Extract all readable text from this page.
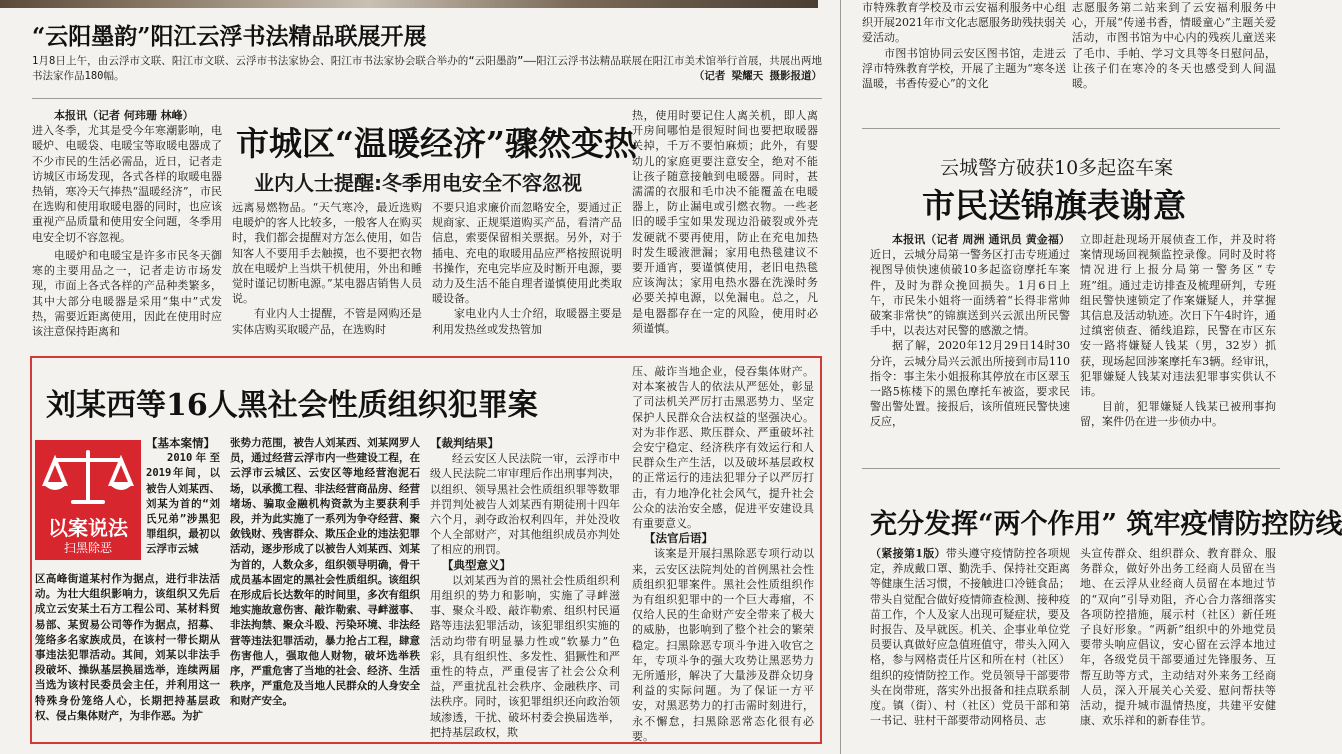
“云阳墨韵”阳江云浮书法精品联展开展
1月8日上午，由云浮市文联、阳江市文联、云浮市书法家协会、阳江市书法家协会联合举办的“云阳墨韵”——阳江云浮书法精品联展在阳江市美术馆举行首展，共展出两地书法家作品180幅。	（记者 梁耀天 摄影报道）

本报讯（记者 何玮珊 林峰）

进入冬季，尤其是受今年寒潮影响，电暖炉、电暖袋、电暖宝等取暖电器成了不少市民的生活必需品，近日，记者走访城区市场发现，各式各样的取暖电器热销，寒冷天气捧热“温暖经济”，市民在选购和使用取暖电器的同时，也应该重视产品质量和使用安全问题，冬季用电安全切不容忽视。
市城区“温暖经济”骤然变热
业内人士提醒:冬季用电安全不容忽视

电暖炉和电暖宝是许多市民冬天御寒的主要用品之一，记者走访市场发现，市面上各式各样的产品种类繁多，其中大部分电暖器是采用“集中”式发热，需要近距离使用，因此在使用时应该注意保持距离和

远离易燃物品。“天气寒冷，最近选购电暖炉的客人比较多，一般客人在购买时，我们都会提醒对方怎么使用，如告知客人不要用手去触摸，也不要把衣物放在电暖炉上当烘干机使用，外出和睡觉时谨记切断电源。”某电器店销售人员说。

有业内人士提醒，不管是网购还是实体店购买取暖产品，在选购时

不要只追求廉价而忽略安全，要通过正规商家、正规渠道购买产品，看清产品信息，索要保留相关票据。另外，对于插电、充电的取暖用品应严格按照说明书操作，充电完毕应及时断开电源，要动力及生活不能自理者谨慎使用此类取暖设备。

家电业内人士介绍，取暖器主要是利用发热丝或发热管加

热，使用时要记住人离关机，即人离开房间哪怕是很短时间也要把取暖器关掉，千万不要怕麻烦；此外，有婴幼儿的家庭更要注意安全，绝对不能让孩子随意接触到电暖器。同时，甚濡濡的衣服和毛巾决不能覆盖在电暖器上，防止漏电或引燃衣物。一些老旧的暖手宝如果发现边沿破裂或外壳发硬就不要再使用，防止在充电加热时发生暖液泄漏；家用电热毯建议不要开通宵，要谨慎使用，老旧电热毯应该淘汰；家用电热水器在洗澡时务必要关掉电源，以免漏电。总之，凡是电器都存在一定的风险，使用时必须谨慎。
刘某西等16人黑社会性质组织犯罪案
以案说法
扫黑除恶
【基本案情】

2010年至2019年间，以被告人刘某西、刘某为首的“刘氏兄弟”涉黑犯罪组织，最初以云浮市云城

区高峰街道某村作为据点，进行非法活动。为壮大组织影响力，该组织又先后成立云安某土石方工程公司、某材料贸易部、某贸易公司等作为据点，招募、笼络多名家族成员，在该村一带长期从事违法犯罪活动。其间，刘某以非法手段破坏、操纵基层换届选举，连续两届当选为该村民委员会主任，并利用这一特殊身份笼络人心，长期把持基层政权、侵占集体财产，为非作恶。为扩
张势力范围，被告人刘某西、刘某网罗人员，通过经营云浮市内一些建设工程，在云浮市云城区、云安区等地经营泡泥石场，以承揽工程、非法经营商品房、经营堵场、骗取金融机构资款为主要获利手段，并为此实施了一系列为争夺经营、聚敛钱财、残害群众、欺压企业的违法犯罪活动，逐步形成了以被告人刘某西、刘某为首的，人数众多，组织领导明确，骨干成员基本固定的黑社会性质组织。该组织在形成后长达数年的时间里，多次有组织地实施故意伤害、敲诈勒索、寻衅滋事、非法拘禁、聚众斗殴、污染环境、非法经营等违法犯罪活动，暴力抢占工程，肆意伤害他人，强取他人财物，破坏选举秩序，严重危害了当地的社会、经济、生活秩序，严重危及当地人民群众的人身安全和财产安全。
【裁判结果】

经云安区人民法院一审，云浮市中级人民法院二审审理后作出刑事判决，以组织、领导黑社会性质组织罪等数罪并罚判处被告人刘某西有期徒刑十四年六个月，剥夺政治权利四年，并处没收个人全部财产，对其他组织成员亦判处了相应的刑罚。

【典型意义】

以刘某西为首的黑社会性质组织利用组织的势力和影响，实施了寻衅滋事、聚众斗殴、敲诈勒索、组织村民逼路等违法犯罪活动，该犯罪组织实施的活动均带有明显暴力性或“软暴力”色彩，具有组织性、多发性、猖獗性和严重性的特点，严重侵害了社会公众利益，严重扰乱社会秩序、金融秩序、司法秩序。同时，该犯罪组织还向政治领域渗透，干扰、破坏村委会换届选举，把持基层政权，欺

压、敲诈当地企业，侵吞集体财产。对本案被告人的依法从严惩处，彰显了司法机关严厉打击黑恶势力、坚定保护人民群众合法权益的坚强决心。对为非作恶、欺压群众、严重破坏社会安宁稳定、经济秩序有效运行和人民群众生产生活，以及破坏基层政权的正常运行的违法犯罪分子以严厉打击，有力地净化社会风气，提升社会公众的法治安全感，促进平安建设具有重要意义。
【法官后语】

该案是开展扫黑除恶专项行动以来，云安区法院判处的首例黑社会性质组织犯罪案件。黑社会性质组织作为有组织犯罪中的一个巨大毒瘤，不仅给人民的生命财产安全带来了极大的威胁，也影响到了整个社会的繁荣稳定。扫黑除恶专项斗争进入收官之年，专项斗争的强大攻势让黑恶势力无所遁形，解决了大量涉及群众切身利益的实际问题。为了保证一方平安，对黑恶势力的打击需时刻进行，永不懈怠，扫黑除恶常态化很有必要。

市特殊教育学校及市云安福利服务中心组织开展2021年市文化志愿服务助残扶弱关爱活动。

市图书馆协同云安区图书馆，走进云浮市特殊教育学校，开展了主题为“寒冬送温暖，书香传爱心”的文化

志愿服务第二站来到了云安福利服务中心，开展“传递书香，情暖童心”主题关爱活动，市图书馆为中心内的残疾儿童送来了毛巾、手帕、学习文具等冬日慰问品，让孩子们在寒冷的冬天也感受到人间温暖。
云城警方破获10多起盗车案
市民送锦旗表谢意

本报讯（记者 周洲 通讯员 黄金福）近日，云城分局第一警务区打击专班通过视图导侦快速侦破10多起盗窃摩托车案件，及时为群众挽回损失。1月6日上午，市民朱小姐将一面绣着“长得非常帅 破案非常快”的锦旗送到兴云派出所民警手中，以表达对民警的感激之情。

据了解，2020年12月29日14时30分许，云城分局兴云派出所接到市局110指令：事主朱小姐报称其停放在市区翠玉一路5栋楼下的黑色摩托车被盗，要求民警出警处置。接报后，该所值班民警快速反应，

立即赶赴现场开展侦查工作，并及时将案情现场回视频监控录像。同时及时将情况进行上报分局第一警务区“专班”组。通过走访排查及梳理研判，专班组民警快速锁定了作案嫌疑人，并掌握其信息及活动轨迹。次日下午4时许，通过缜密侦查、循线追踪，民警在市区东安一路将嫌疑人钱某（男，32岁）抓获，现场起回涉案摩托车3辆。经审讯，犯罪嫌疑人钱某对违法犯罪事实供认不讳。

目前，犯罪嫌疑人钱某已被刑事拘留，案件仍在进一步侦办中。

充分发挥“两个作用” 筑牢疫情防控防线
（紧接第1版）带头遵守疫情防控各项规定，养成戴口罩、勤洗手、保持社交距离等健康生活习惯，不接触进口冷链食品；带头自觉配合做好疫情筛查检测、接种疫苗工作，个人及家人出现可疑症状，要及时报告、及早就医。机关、企事业单位党员要认真做好应急值班值守，带头入网入格，参与网格责任片区和所在村（社区）组织的疫情防控工作。党员领导干部要带头在岗带班，落实外出报备和挂点联系制度。镇（街）、村（社区）党员干部和第一书记、驻村干部要带动网格员、志
头宣传群众、组织群众、教育群众、服务群众，做好外出务工经商人员留在当地、在云浮从业经商人员留在本地过节的“双向”引导劝阻，齐心合力落细落实各项防控措施，展示村（社区）新任班子良好形象。“两新”组织中的外地党员要带头响应倡议，安心留在云浮本地过年，各级党员干部要通过先锋服务、互帮互助等方式，主动结对外来务工经商人员，深入开展关心关爱、慰问帮扶等活动，提升城市温情热度，共建平安健康、欢乐祥和的新春佳节。
